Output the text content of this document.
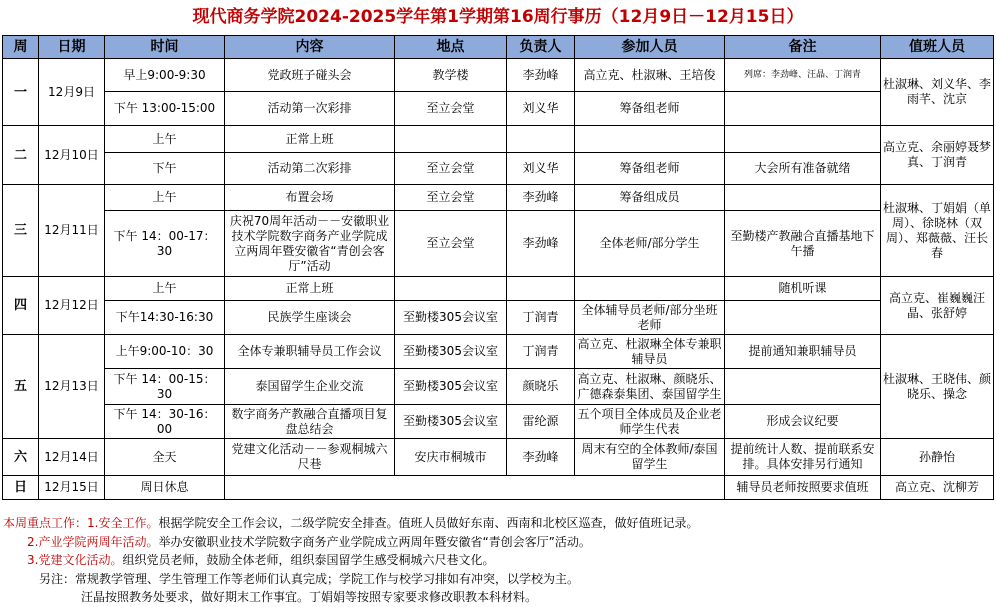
现代商务学院2024-2025学年第1学期第16周行事历（12月9日－12月15日）
周	日期	时间	内容	地点	负责人	参加人员	备注	值班人员
一	12月9日	早上9:00-9:30	党政班子碰头会	教学楼	李劲峰	高立克、杜淑琳、王培俊	列席：李劲峰、汪晶、丁润青	杜淑琳、刘义华、李雨芊、沈京
		下午 13:00-15:00	活动第一次彩排	至立会堂	刘义华	筹备组老师		
二	12月10日	上午	正常上班					高立克、余丽婷聂梦真、丁润青
		下午	活动第二次彩排	至立会堂	刘义华	筹备组老师	大会所有准备就绪	
三	12月11日	上午	布置会场	至立会堂	李劲峰	筹备组成员		杜淑琳、丁娟娟（单周）、徐晓林（双周）、郑薇薇、汪长春
		下午 14：00-17：30	庆祝70周年活动－－安徽职业技术学院数字商务产业学院成立两周年暨安徽省“青创会客厅”活动	至立会堂	李劲峰	全体老师/部分学生	至勤楼产教融合直播基地下午播	
四	12月12日	上午	正常上班				随机听课	高立克、崔巍巍汪晶、张舒婷
		下午14:30-16:30	民族学生座谈会	至勤楼305会议室	丁润青	全体辅导员老师/部分坐班老师		
五	12月13日	上午9:00-10：30	全体专兼职辅导员工作会议	至勤楼305会议室	丁润青	高立克、杜淑琳全体专兼职辅导员	提前通知兼职辅导员	杜淑琳、王晓伟、颜晓乐、操念
		下午 14：00-15：30	泰国留学生企业交流	至勤楼305会议室	颜晓乐	高立克、杜淑琳、颜晓乐、广德森泰集团、泰国留学生		
		下午 14：30-16：00	数字商务产教融合直播项目复盘总结会	至勤楼305会议室	雷纶源	五个项目全体成员及企业老师学生代表	形成会议纪要	
六	12月14日	全天	党建文化活动－－参观桐城六尺巷	安庆市桐城市	李劲峰	周末有空的全体教师/泰国留学生	提前统计人数、提前联系安排。具体安排另行通知	孙静怡
日	12月15日	周日休息					辅导员老师按照要求值班	高立克、沈柳芳
本周重点工作：1.安全工作。根据学院安全工作会议，二级学院安全排查。值班人员做好东南、西南和北校区巡查，做好值班记录。
2.产业学院两周年活动。举办安徽职业技术学院数字商务产业学院成立两周年暨安徽省“青创会客厅”活动。
3.党建文化活动。组织党员老师，鼓励全体老师，组织泰国留学生感受桐城六尺巷文化。
另注：常规教学管理、学生管理工作等老师们认真完成；学院工作与校学习排如有冲突，以学校为主。
汪晶按照教务处要求，做好期末工作事宜。丁娟娟等按照专家要求修改职教本科材料。
